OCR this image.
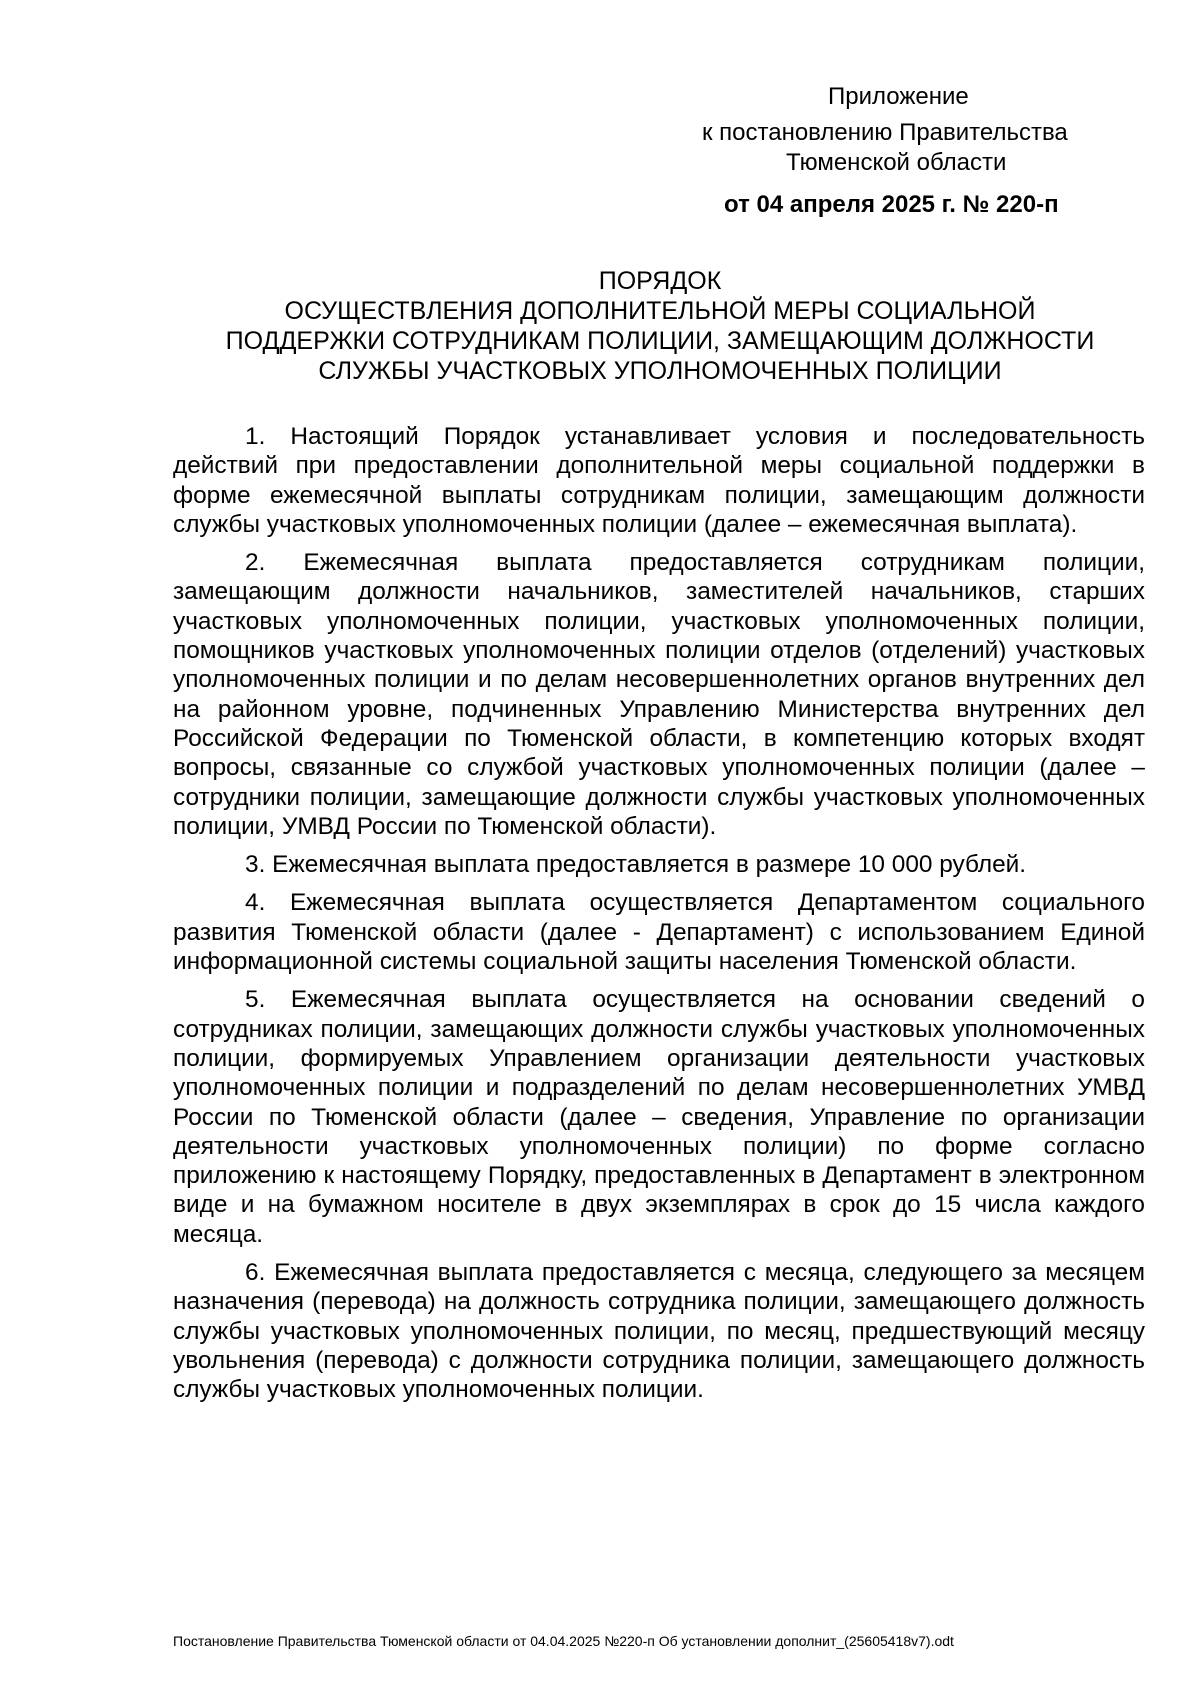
Приложение
к постановлению Правительства
Тюменской области
от 04 апреля 2025 г. № 220-п
ПОРЯДОК
ОСУЩЕСТВЛЕНИЯ ДОПОЛНИТЕЛЬНОЙ МЕРЫ СОЦИАЛЬНОЙ
ПОДДЕРЖКИ СОТРУДНИКАМ ПОЛИЦИИ, ЗАМЕЩАЮЩИМ ДОЛЖНОСТИ
СЛУЖБЫ УЧАСТКОВЫХ УПОЛНОМОЧЕННЫХ ПОЛИЦИИ

1. Настоящий Порядок устанавливает условия и последовательность действий при предоставлении дополнительной меры социальной поддержки в форме ежемесячной выплаты сотрудникам полиции, замещающим должности службы участковых уполномоченных полиции (далее – ежемесячная выплата).

2. Ежемесячная выплата предоставляется сотрудникам полиции, замещающим должности начальников, заместителей начальников, старших участковых уполномоченных полиции, участковых уполномоченных полиции, помощников участковых уполномоченных полиции отделов (отделений) участковых уполномоченных полиции и по делам несовершеннолетних органов внутренних дел на районном уровне, подчиненных Управлению Министерства внутренних дел Российской Федерации по Тюменской области, в компетенцию которых входят вопросы, связанные со службой участковых уполномоченных полиции (далее – сотрудники полиции, замещающие должности службы участковых уполномоченных полиции, УМВД России по Тюменской области).

3. Ежемесячная выплата предоставляется в размере 10 000 рублей.

4. Ежемесячная выплата осуществляется Департаментом социального развития Тюменской области (далее - Департамент) с использованием Единой информационной системы социальной защиты населения Тюменской области.

5. Ежемесячная выплата осуществляется на основании сведений о сотрудниках полиции, замещающих должности службы участковых уполномоченных полиции, формируемых Управлением организации деятельности участковых уполномоченных полиции и подразделений по делам несовершеннолетних УМВД России по Тюменской области (далее – сведения, Управление по организации деятельности участковых уполномоченных полиции) по форме согласно приложению к настоящему Порядку, предоставленных в Департамент в электронном виде и на бумажном носителе в двух экземплярах в срок до 15 числа каждого месяца.

6. Ежемесячная выплата предоставляется с месяца, следующего за месяцем назначения (перевода) на должность сотрудника полиции, замещающего должность службы участковых уполномоченных полиции, по месяц, предшествующий месяцу увольнения (перевода) с должности сотрудника полиции, замещающего должность службы участковых уполномоченных полиции.

Постановление Правительства Тюменской области от 04.04.2025 №220-п Об установлении дополнит_(25605418v7).odt
